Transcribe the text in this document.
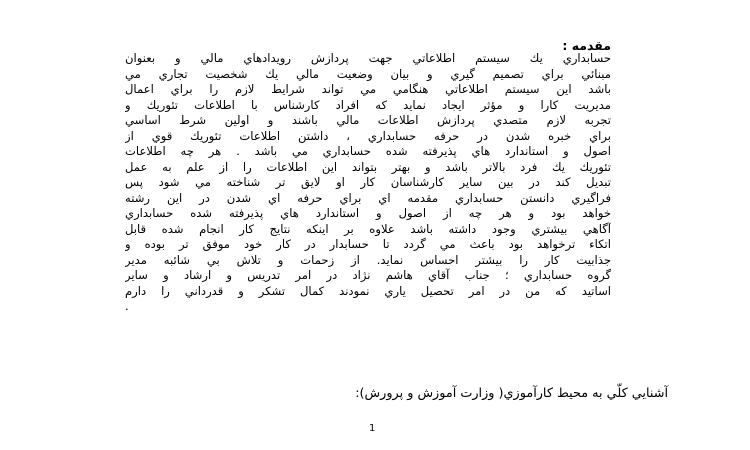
مقدمه :
حسابداري يك سيستم اطلاعاتي جهت پردازش رويدادهاي مالي و بعنوان
مبنائي براي تصميم گيري و بيان وضعيت مالي يك شخصيت تجاري مي
باشد اين سيستم اطلاعاتي هنگامي مي تواند شرايط لازم را براي اعمال
مديريت كارا و مؤثر ايجاد نمايد كه افراد كارشناس با اطلاعات تئوريك و
تجربه لازم متصدي پردازش اطلاعات مالي باشند و اولين شرط اساسي
براي خبره شدن در حرفه حسابداري ، داشتن اطلاعات تئوريك قوي از
اصول و استاندارد هاي پذيرفته شده حسابداري مي باشد . هر چه اطلاعات
تئوريك يك فرد بالاتر باشد و بهتر بتواند اين اطلاعات را از علم به عمل
تبديل كند در بين ساير كارشناسان كار او لايق تر شناخته مي شود پس
فراگيري دانستن حسابداري مقدمه اي براي حرفه اي شدن در اين رشته
خواهد بود و هر چه از اصول و استاندارد هاي پذيرفته شده حسابداري
آگاهي بيشتري وجود داشته باشد علاوه بر اينكه نتايج كار انجام شده قابل
اتكاء ترخواهد بود باعث مي گردد تا حسابدار در كار خود موفق تر بوده و
جذابيت كار را بيشتر احساس نمايد. از زحمات و تلاش بي شائبه مدير
گروه حسابداري ؛ جناب آقاي هاشم نژاد در امر تدريس و ارشاد و ساير
اساتيد كه من در امر تحصيل ياري نمودند كمال تشكر و قدرداني را دارم
.
آشنايي كلّي به محيط كارآموزي( وزارت آموزش و پرورش):
1
